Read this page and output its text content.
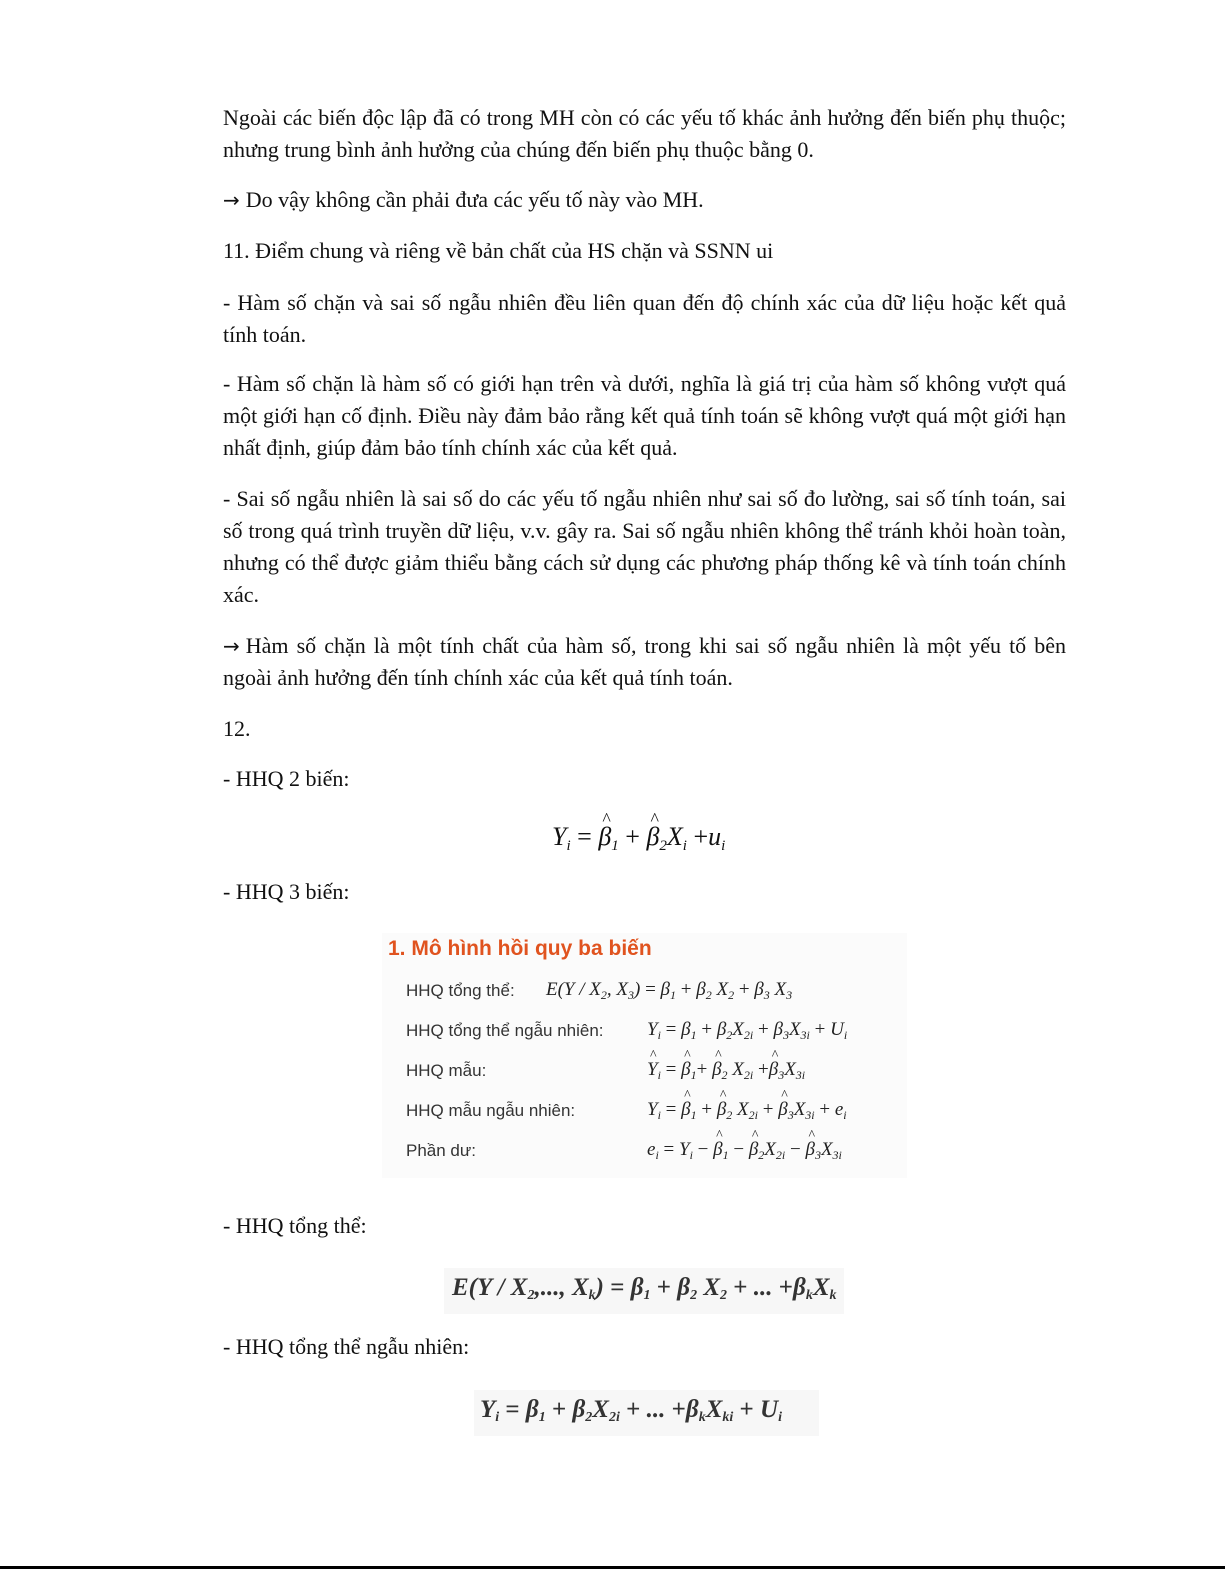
Ngoài các biến độc lập đã có trong MH còn có các yếu tố khác ảnh hưởng đến biến phụ thuộc; nhưng trung bình ảnh hưởng của chúng đến biến phụ thuộc bằng 0.

→ Do vậy không cần phải đưa các yếu tố này vào MH.

11. Điểm chung và riêng về bản chất của HS chặn và SSNN ui

- Hàm số chặn và sai số ngẫu nhiên đều liên quan đến độ chính xác của dữ liệu hoặc kết quả tính toán.

- Hàm số chặn là hàm số có giới hạn trên và dưới, nghĩa là giá trị của hàm số không vượt quá một giới hạn cố định. Điều này đảm bảo rằng kết quả tính toán sẽ không vượt quá một giới hạn nhất định, giúp đảm bảo tính chính xác của kết quả.

- Sai số ngẫu nhiên là sai số do các yếu tố ngẫu nhiên như sai số đo lường, sai số tính toán, sai số trong quá trình truyền dữ liệu, v.v. gây ra. Sai số ngẫu nhiên không thể tránh khỏi hoàn toàn, nhưng có thể được giảm thiểu bằng cách sử dụng các phương pháp thống kê và tính toán chính xác.

→ Hàm số chặn là một tính chất của hàm số, trong khi sai số ngẫu nhiên là một yếu tố bên ngoài ảnh hưởng đến tính chính xác của kết quả tính toán.

12.

- HHQ 2 biến:

$Y_i$ = ^ $\beta_1$ + ^ $\beta_2X_i +u_i$

- HHQ 3 biến:

1. Mô hình hồi quy ba biến
HHQ tổng thể: $E(Y / X_2$, $X_3) = \beta_1 + \beta_2$ $X_2 + \beta_3$ $X_3$
HHQ tổng thể ngẫu nhiên: $Y_i = \beta_1 + \beta_2X_{2i} + \beta_3X_{3i} + U_i$
HHQ mẫu:	^ $Y_i$ = ^ $\beta_1+$ ^ $\beta_2$ $X_{2i}$ +^ $\beta_3X_{3i}$
HHQ mẫu ngẫu nhiên:	$Y_i$ = ^ $\beta_1$ + ^ $\beta_2$ $X_{2i}$ + ^ $\beta_3X_{3i} + e_i$
Phần dư:	$e_i = Y_i$ − ^ $\beta_1$ − ^ $\beta_2X_{2i}$ − ^ $\beta_3X_{3i}$

- HHQ tổng thể:

$E(Y / X_2$,..., $X_k) = \beta_1 + \beta_2$ $X_2$ + ... $+\beta_kX_k$

- HHQ tổng thể ngẫu nhiên:

$Y_i = \beta_1 + \beta_2X_{2i}$ + ... $+\beta_kX_{ki} + U_i$
